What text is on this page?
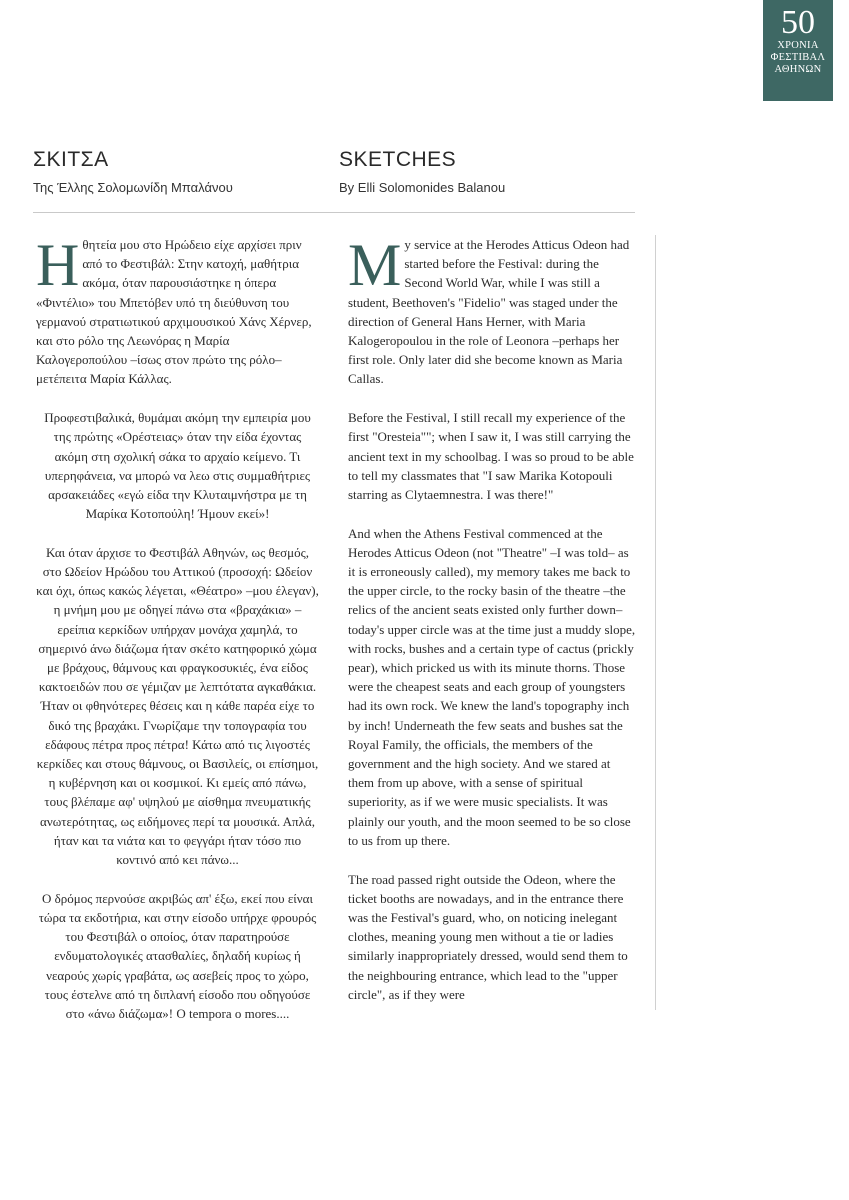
50
ΧΡΟΝΙΑ
ΦΕΣΤΙΒΑΛ
ΑΘΗΝΩΝ
ΣΚΙΤΣΑ

Της Έλλης Σολομωνίδη Μπαλάνου

SKETCHES

By Elli Solomonides Balanou

Η θητεία μου στο Ηρώδειο είχε αρχίσει πριν από το Φεστιβάλ: Στην κατοχή, μαθήτρια ακόμα, όταν παρουσιάστηκε η όπερα «Φιντέλιο» του Μπετόβεν υπό τη διεύθυνση του γερμανού στρατιωτικού αρχιμουσικού Χάνς Χέρνερ, και στο ρόλο της Λεωνόρας η Μαρία Καλογεροπούλου –ίσως στον πρώτο της ρόλο– μετέπειτα Μαρία Κάλλας.

Προφεστιβαλικά, θυμάμαι ακόμη την εμπειρία μου της πρώτης «Ορέστειας» όταν την είδα έχοντας ακόμη στη σχολική σάκα το αρχαίο κείμενο. Τι υπερηφάνεια, να μπορώ να λεω στις συμμαθήτριες αρσακειάδες «εγώ είδα την Κλυταιμνήστρα με τη Μαρίκα Κοτοπούλη! Ήμουν εκεί»!

Και όταν άρχισε το Φεστιβάλ Αθηνών, ως θεσμός, στο Ωδείον Ηρώδου του Αττικού (προσοχή: Ωδείον και όχι, όπως κακώς λέγεται, «Θέατρο» –μου έλεγαν), η μνήμη μου με οδηγεί πάνω στα «βραχάκια» –ερείπια κερκίδων υπήρχαν μονάχα χαμηλά, το σημερινό άνω διάζωμα ήταν σκέτο κατηφορικό χώμα με βράχους, θάμνους και φραγκοσυκιές, ένα είδος κακτοειδών που σε γέμιζαν με λεπτότατα αγκαθάκια. Ήταν οι φθηνότερες θέσεις και η κάθε παρέα είχε το δικό της βραχάκι. Γνωρίζαμε την τοπογραφία του εδάφους πέτρα προς πέτρα! Κάτω από τις λιγοστές κερκίδες και στους θάμνους, οι Βασιλείς, οι επίσημοι, η κυβέρνηση και οι κοσμικοί. Κι εμείς από πάνω, τους βλέπαμε αφ' υψηλού με αίσθημα πνευματικής ανωτερότητας, ως ειδήμονες περί τα μουσικά. Απλά, ήταν και τα νιάτα και το φεγγάρι ήταν τόσο πιο κοντινό από κει πάνω...

Ο δρόμος περνούσε ακριβώς απ' έξω, εκεί που είναι τώρα τα εκδοτήρια, και στην είσοδο υπήρχε φρουρός του Φεστιβάλ ο οποίος, όταν παρατηρούσε ενδυματολογικές ατασθαλίες, δηλαδή κυρίως ή νεαρούς χωρίς γραβάτα, ως ασεβείς προς το χώρο, τους έστελνε από τη διπλανή είσοδο που οδηγούσε στο «άνω διάζωμα»! Ο tempora o mores....

M y service at the Herodes Atticus Odeon had started before the Festival: during the Second World War, while I was still a student, Beethoven's "Fidelio" was staged under the direction of General Hans Herner, with Maria Kalogeropoulou in the role of Leonora –perhaps her first role. Only later did she become known as Maria Callas.

Before the Festival, I still recall my experience of the first "Oresteia""; when I saw it, I was still carrying the ancient text in my schoolbag. I was so proud to be able to tell my classmates that "I saw Marika Kotopouli starring as Clytaemnestra. I was there!"

And when the Athens Festival commenced at the Herodes Atticus Odeon (not "Theatre" –I was told– as it is erroneously called), my memory takes me back to the upper circle, to the rocky basin of the theatre –the relics of the ancient seats existed only further down– today's upper circle was at the time just a muddy slope, with rocks, bushes and a certain type of cactus (prickly pear), which pricked us with its minute thorns. Those were the cheapest seats and each group of youngsters had its own rock. We knew the land's topography inch by inch! Underneath the few seats and bushes sat the Royal Family, the officials, the members of the government and the high society. And we stared at them from up above, with a sense of spiritual superiority, as if we were music specialists. It was plainly our youth, and the moon seemed to be so close to us from up there.

The road passed right outside the Odeon, where the ticket booths are nowadays, and in the entrance there was the Festival's guard, who, on noticing inelegant clothes, meaning young men without a tie or ladies similarly inappropriately dressed, would send them to the neighbouring entrance, which lead to the "upper circle", as if they were
